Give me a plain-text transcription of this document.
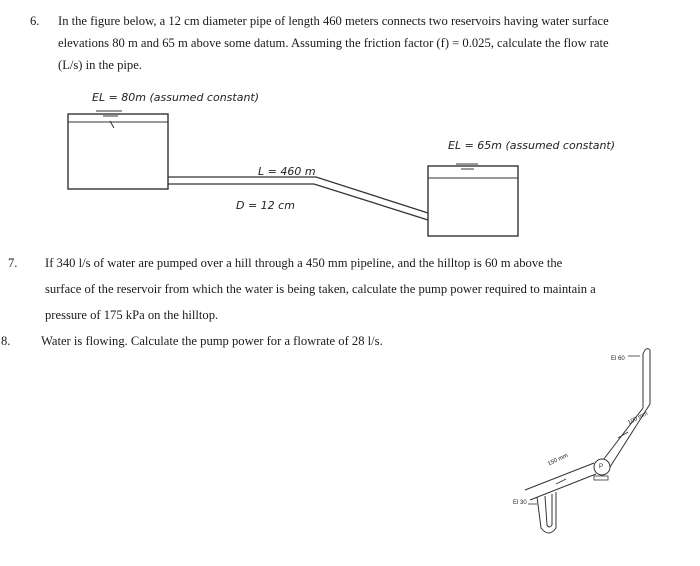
6. In the figure below, a 12 cm diameter pipe of length 460 meters connects two reservoirs having water surface
elevations 80 m and 65 m above some datum. Assuming the friction factor (f) = 0.025, calculate the flow rate
(L/s) in the pipe.
EL = 80m (assumed constant)
EL = 65m (assumed constant)
L = 460 m
D = 12 cm
7. If 340 l/s of water are pumped over a hill through a 450 mm pipeline, and the hilltop is 60 m above the
surface of the reservoir from which the water is being taken, calculate the pump power required to maintain a
pressure of 175 kPa on the hilltop.
8. Water is flowing. Calculate the pump power for a flowrate of 28 l/s.
El 60
El 30
150 mm
100 mm
P
